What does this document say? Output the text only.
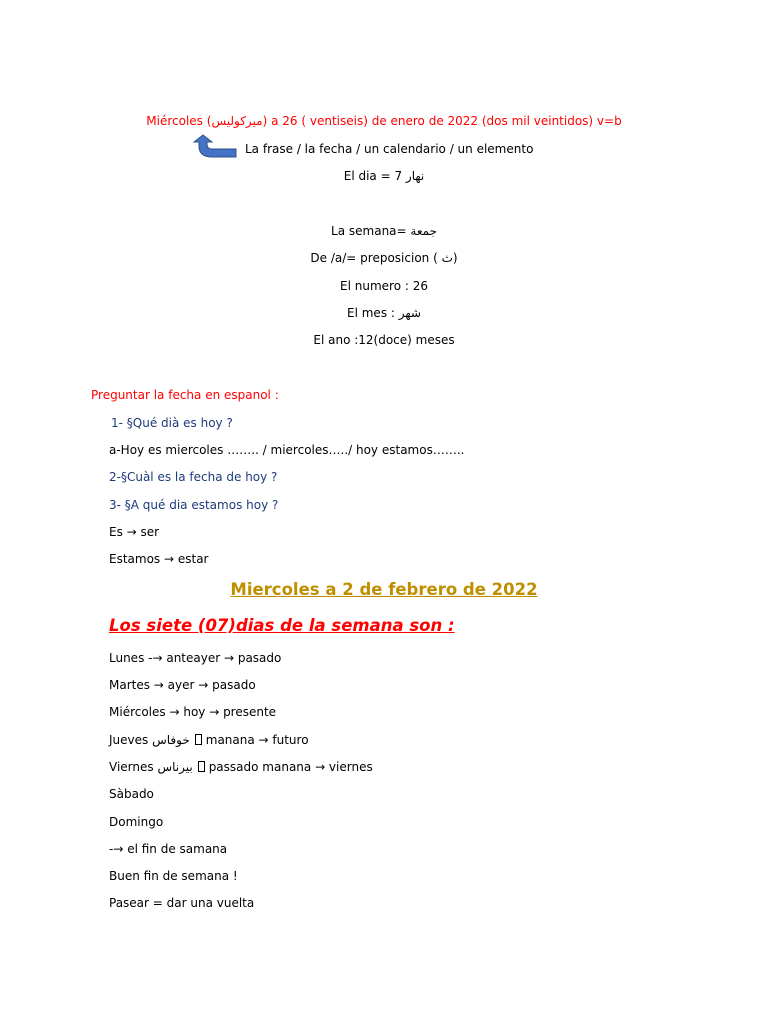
Miércoles (ميركوليس) a 26 ( ventiseis) de enero de 2022 (dos mil veintidos) v=b
La frase / la fecha / un calendario / un elemento
El dia = نهار 7
La semana= جمعة
De /a/= preposicion ( ث)
El numero : 26
El mes : شهر
El ano :12(doce) meses
Preguntar la fecha en espanol :
1- §Qué dià es hoy ?
a-Hoy es miercoles …….. / miercoles…../ hoy estamos……..
2-§Cuàl es la fecha de hoy ?
3- §A qué dia estamos hoy ?
Es → ser
Estamos → estar
Miercoles a 2 de febrero de 2022
Los siete (07)dias de la semana son :
Lunes -→ anteayer → pasado
Martes → ayer → pasado
Miércoles → hoy → presente
Jueves خوفاس manana → futuro
Viernes بيرناس passado manana → viernes
Sàbado
Domingo
-→ el fin de samana
Buen fin de semana !
Pasear = dar una vuelta
